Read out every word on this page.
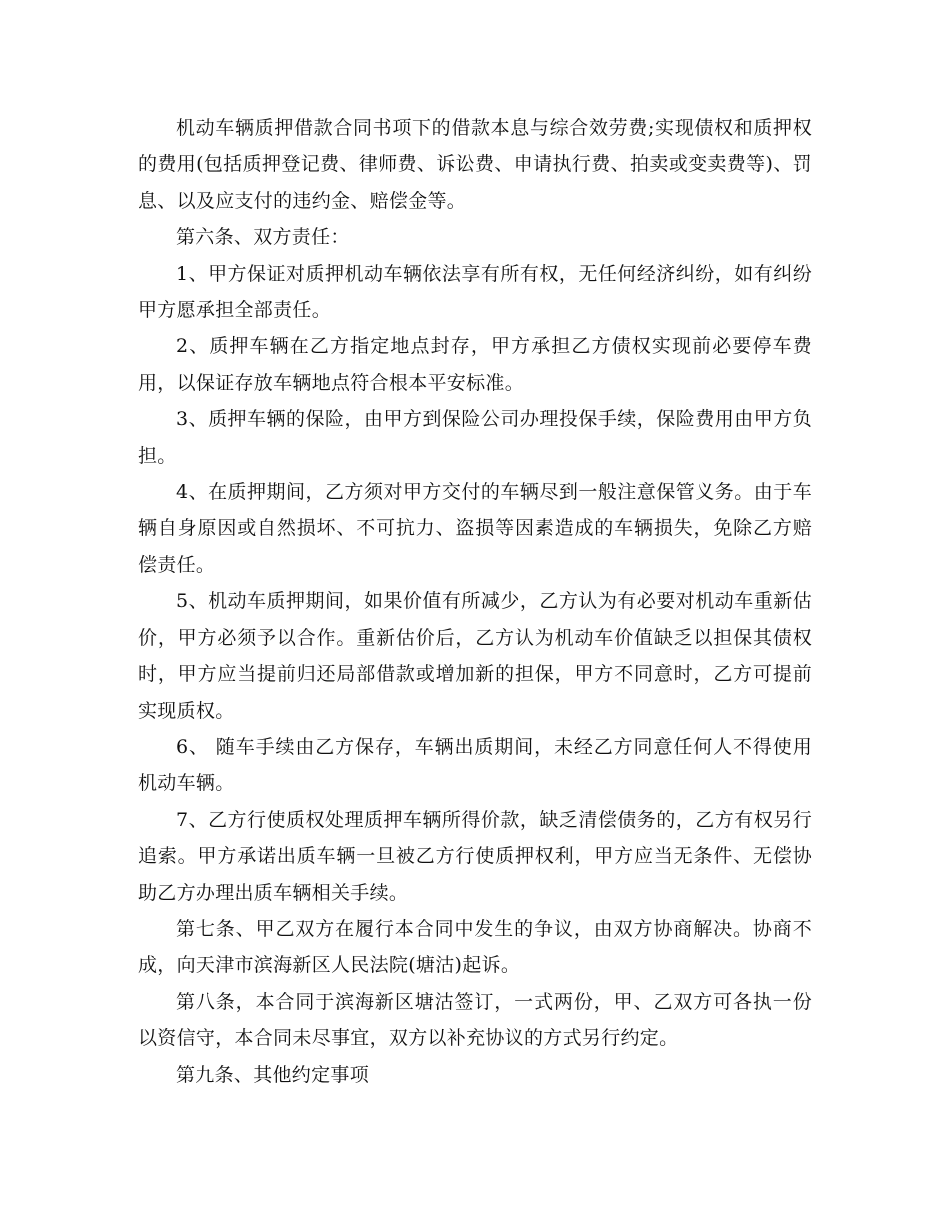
机动车辆质押借款合同书项下的借款本息与综合效劳费;实现债权和质押权的费用(包括质押登记费、律师费、诉讼费、申请执行费、拍卖或变卖费等)、罚息、以及应支付的违约金、赔偿金等。

第六条、双方责任：

1、甲方保证对质押机动车辆依法享有所有权，无任何经济纠纷，如有纠纷甲方愿承担全部责任。

2、质押车辆在乙方指定地点封存，甲方承担乙方债权实现前必要停车费用，以保证存放车辆地点符合根本平安标准。

3、质押车辆的保险，由甲方到保险公司办理投保手续，保险费用由甲方负担。

4、在质押期间，乙方须对甲方交付的车辆尽到一般注意保管义务。由于车辆自身原因或自然损坏、不可抗力、盗损等因素造成的车辆损失，免除乙方赔偿责任。

5、机动车质押期间，如果价值有所减少，乙方认为有必要对机动车重新估价，甲方必须予以合作。重新估价后，乙方认为机动车价值缺乏以担保其债权时，甲方应当提前归还局部借款或增加新的担保，甲方不同意时，乙方可提前实现质权。

6、 随车手续由乙方保存，车辆出质期间，未经乙方同意任何人不得使用机动车辆。

7、乙方行使质权处理质押车辆所得价款，缺乏清偿债务的，乙方有权另行追索。甲方承诺出质车辆一旦被乙方行使质押权利，甲方应当无条件、无偿协助乙方办理出质车辆相关手续。

第七条、甲乙双方在履行本合同中发生的争议，由双方协商解决。协商不成，向天津市滨海新区人民法院(塘沽)起诉。

第八条，本合同于滨海新区塘沽签订，一式两份，甲、乙双方可各执一份以资信守，本合同未尽事宜，双方以补充协议的方式另行约定。

第九条、其他约定事项
